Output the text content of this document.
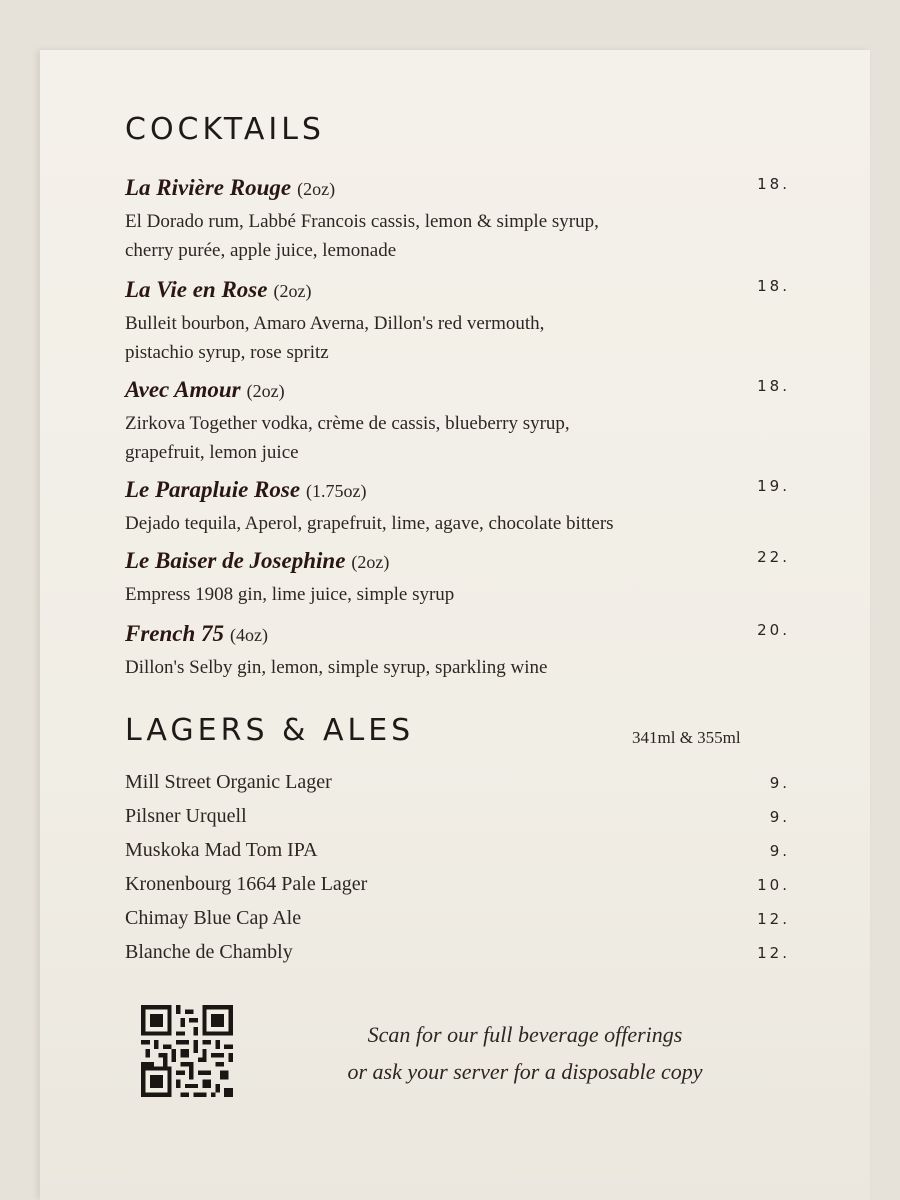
COCKTAILS
La Rivière Rouge (2oz)	18.
El Dorado rum, Labbé Francois cassis, lemon & simple syrup,
cherry purée, apple juice, lemonade
La Vie en Rose (2oz)	18.
Bulleit bourbon, Amaro Averna, Dillon's red vermouth,
pistachio syrup, rose spritz
Avec Amour (2oz)	18.
Zirkova Together vodka, crème de cassis, blueberry syrup,
grapefruit, lemon juice
Le Parapluie Rose (1.75oz)	19.
Dejado tequila, Aperol, grapefruit, lime, agave, chocolate bitters
Le Baiser de Josephine (2oz)	22.
Empress 1908 gin, lime juice, simple syrup
French 75 (4oz)	20.
Dillon's Selby gin, lemon, simple syrup, sparkling wine
LAGERS & ALES	341ml & 355ml
Mill Street Organic Lager	9.
Pilsner Urquell	9.
Muskoka Mad Tom IPA	9.
Kronenbourg 1664 Pale Lager	10.
Chimay Blue Cap Ale	12.
Blanche de Chambly	12.
Scan for our full beverage offerings
or ask your server for a disposable copy
